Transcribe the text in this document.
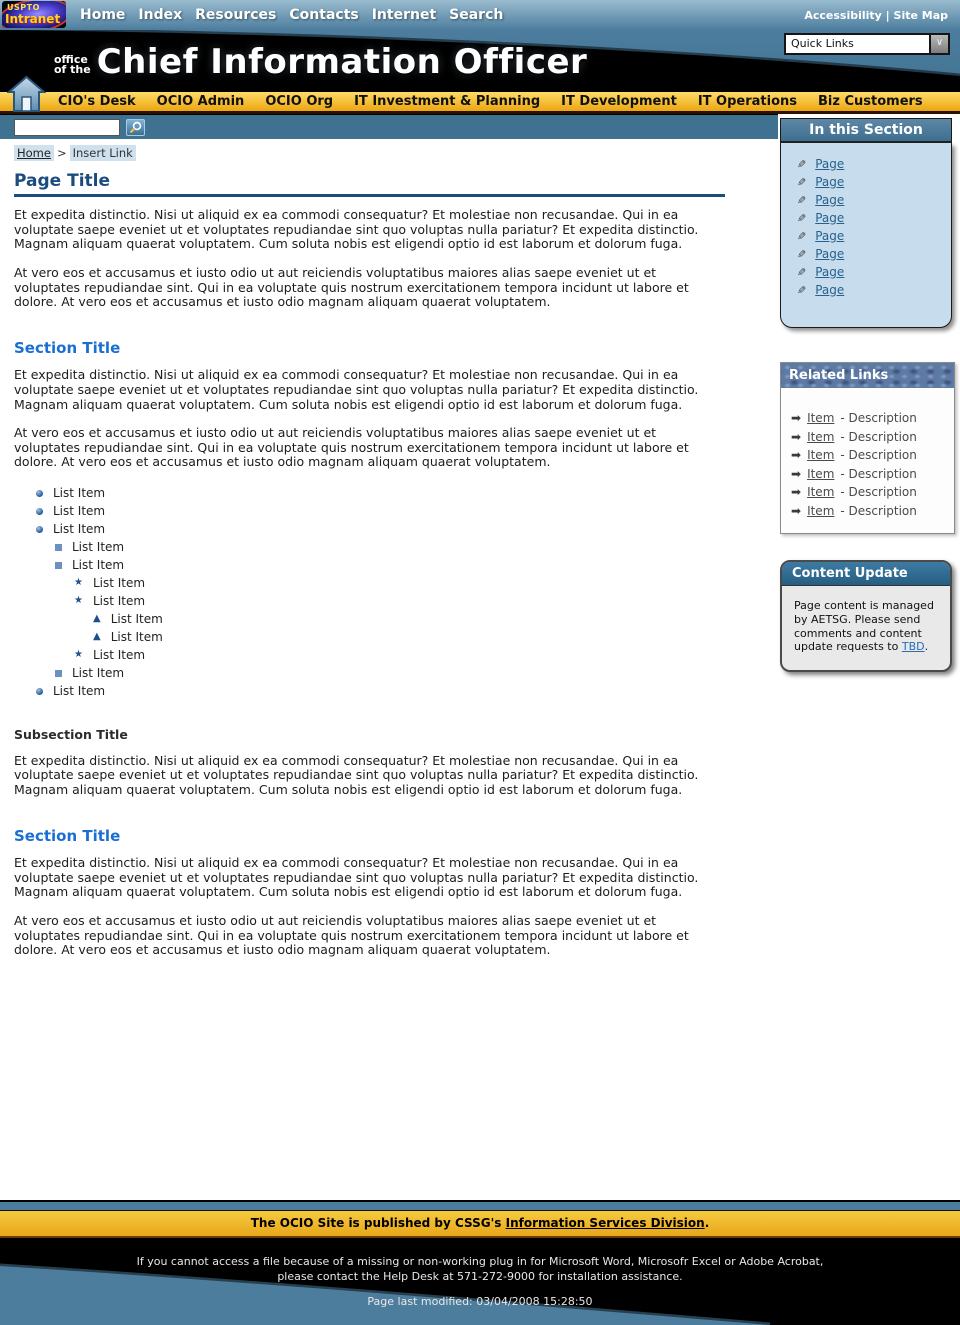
USPTO
Intranet Home Index Resources Contacts Internet Search	Accessibility | Site Map
office
of the Chief Information Officer	Quick Links	∨
CIO's Desk OCIO Admin OCIO Org IT Investment & Planning IT Development IT Operations Biz Customers
Home > Insert Link
Page Title

Et expedita distinctio. Nisi ut aliquid ex ea commodi consequatur? Et molestiae non recusandae. Qui in ea voluptate saepe eveniet ut et voluptates repudiandae sint quo voluptas nulla pariatur? Et expedita distinctio. Magnam aliquam quaerat voluptatem. Cum soluta nobis est eligendi optio id est laborum et dolorum fuga.

At vero eos et accusamus et iusto odio ut aut reiciendis voluptatibus maiores alias saepe eveniet ut et voluptates repudiandae sint. Qui in ea voluptate quis nostrum exercitationem tempora incidunt ut labore et dolore. At vero eos et accusamus et iusto odio magnam aliquam quaerat voluptatem.

Section Title

Et expedita distinctio. Nisi ut aliquid ex ea commodi consequatur? Et molestiae non recusandae. Qui in ea voluptate saepe eveniet ut et voluptates repudiandae sint quo voluptas nulla pariatur? Et expedita distinctio. Magnam aliquam quaerat voluptatem. Cum soluta nobis est eligendi optio id est laborum et dolorum fuga.

At vero eos et accusamus et iusto odio ut aut reiciendis voluptatibus maiores alias saepe eveniet ut et voluptates repudiandae sint. Qui in ea voluptate quis nostrum exercitationem tempora incidunt ut labore et dolore. At vero eos et accusamus et iusto odio magnam aliquam quaerat voluptatem.

List Item
List Item
List Item
List Item
List Item
★ List Item
★ List Item
▲ List Item
▲ List Item
★ List Item
List Item
List Item
Subsection Title

Et expedita distinctio. Nisi ut aliquid ex ea commodi consequatur? Et molestiae non recusandae. Qui in ea voluptate saepe eveniet ut et voluptates repudiandae sint quo voluptas nulla pariatur? Et expedita distinctio. Magnam aliquam quaerat voluptatem. Cum soluta nobis est eligendi optio id est laborum et dolorum fuga.

Section Title

Et expedita distinctio. Nisi ut aliquid ex ea commodi consequatur? Et molestiae non recusandae. Qui in ea voluptate saepe eveniet ut et voluptates repudiandae sint quo voluptas nulla pariatur? Et expedita distinctio. Magnam aliquam quaerat voluptatem. Cum soluta nobis est eligendi optio id est laborum et dolorum fuga.

At vero eos et accusamus et iusto odio ut aut reiciendis voluptatibus maiores alias saepe eveniet ut et voluptates repudiandae sint. Qui in ea voluptate quis nostrum exercitationem tempora incidunt ut labore et dolore. At vero eos et accusamus et iusto odio magnam aliquam quaerat voluptatem.

In this Section
✎ Page
✎ Page
✎ Page
✎ Page
✎ Page
✎ Page
✎ Page
✎ Page
Related Links
➡ Item - Description
➡ Item - Description
➡ Item - Description
➡ Item - Description
➡ Item - Description
➡ Item - Description
Content Update
Page content is managed by AETSG. Please send comments and content update requests to TBD.
The OCIO Site is published by CSSG's Information Services Division.
If you cannot access a file because of a missing or non-working plug in for Microsoft Word, Microsofr Excel or Adobe Acrobat,
please contact the Help Desk at 571-272-9000 for installation assistance.
Page last modified: 03/04/2008 15:28:50
